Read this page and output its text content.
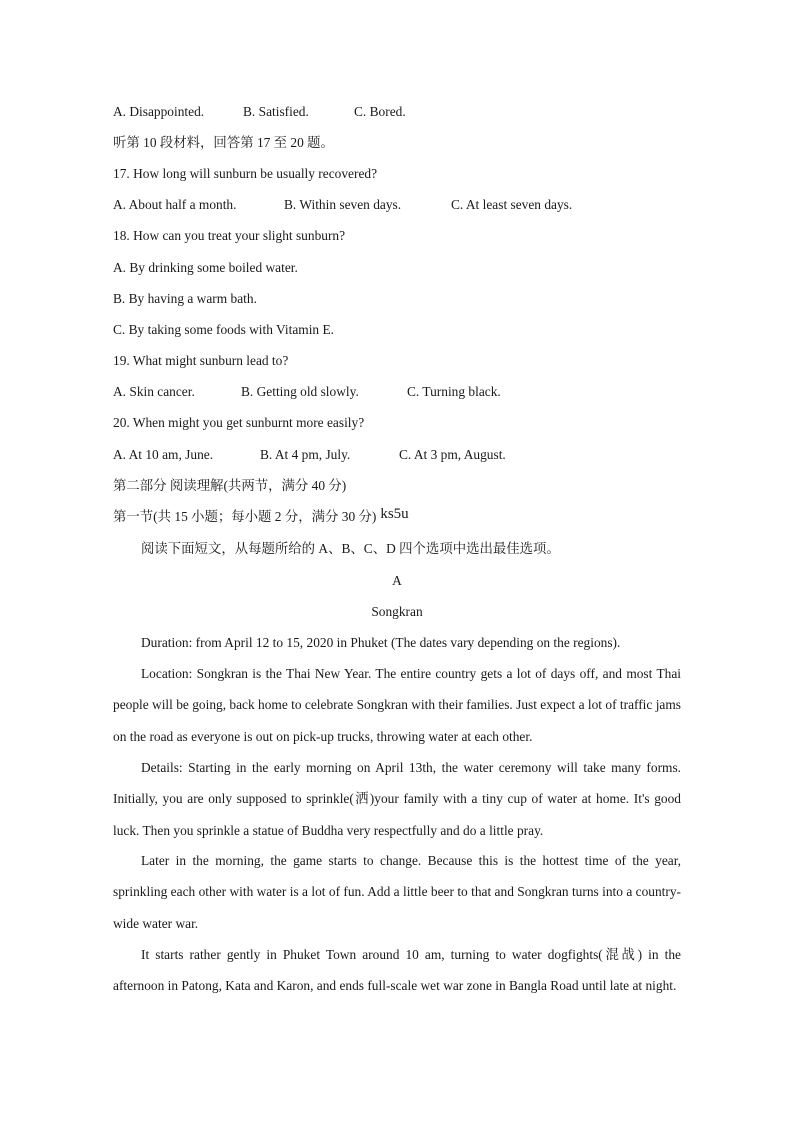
A. Disappointed.	B. Satisfied.	C. Bored.
听第 10 段材料，回答第 17 至 20 题。
17. How long will sunburn be usually recovered?
A. About half a month.	B. Within seven days.	C. At least seven days.
18. How can you treat your slight sunburn?
A. By drinking some boiled water.
B. By having a warm bath.
C. By taking some foods with Vitamin E.
19. What might sunburn lead to?
A. Skin cancer.	B. Getting old slowly.	C. Turning black.
20. When might you get sunburnt more easily?
A. At 10 am, June.	B. At 4 pm, July.	C. At 3 pm, August.
第二部分 阅读理解(共两节，满分 40 分)
第一节(共 15 小题；每小题 2 分，满分 30 分) ks5u
阅读下面短文，从每题所给的 A、B、C、D 四个选项中选出最佳选项。
A
Songkran
Duration: from April 12 to 15, 2020 in Phuket (The dates vary depending on the regions).
Location: Songkran is the Thai New Year. The entire country gets a lot of days off, and most Thai people will be going, back home to celebrate Songkran with their families. Just expect a lot of traffic jams on the road as everyone is out on pick-up trucks, throwing water at each other.
Details: Starting in the early morning on April 13th, the water ceremony will take many forms. Initially, you are only supposed to sprinkle(洒)your family with a tiny cup of water at home. It's good luck. Then you sprinkle a statue of Buddha very respectfully and do a little pray.
Later in the morning, the game starts to change. Because this is the hottest time of the year, sprinkling each other with water is a lot of fun. Add a little beer to that and Songkran turns into a country-wide water war.
It starts rather gently in Phuket Town around 10 am, turning to water dogfights(混战) in the afternoon in Patong, Kata and Karon, and ends full-scale wet war zone in Bangla Road until late at night.
